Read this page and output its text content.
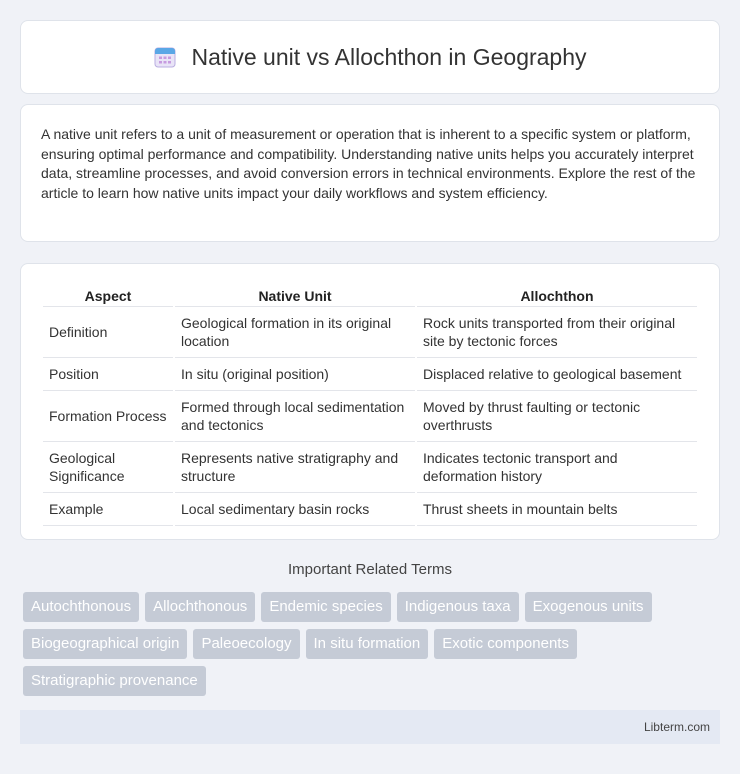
Native unit vs Allochthon in Geography

A native unit refers to a unit of measurement or operation that is inherent to a specific system or platform, ensuring optimal performance and compatibility. Understanding native units helps you accurately interpret data, streamline processes, and avoid conversion errors in technical environments. Explore the rest of the article to learn how native units impact your daily workflows and system efficiency.

Aspect	Native Unit	Allochthon
Definition	Geological formation in its original location	Rock units transported from their original site by tectonic forces
Position	In situ (original position)	Displaced relative to geological basement
Formation Process	Formed through local sedimentation and tectonics	Moved by thrust faulting or tectonic overthrusts
Geological Significance	Represents native stratigraphy and structure	Indicates tectonic transport and deformation history
Example	Local sedimentary basin rocks	Thrust sheets in mountain belts
Important Related Terms
Autochthonous	Allochthonous	Endemic species	Indigenous taxa	Exogenous units
Biogeographical origin	Paleoecology	In situ formation	Exotic components
Stratigraphic provenance
Libterm.com
